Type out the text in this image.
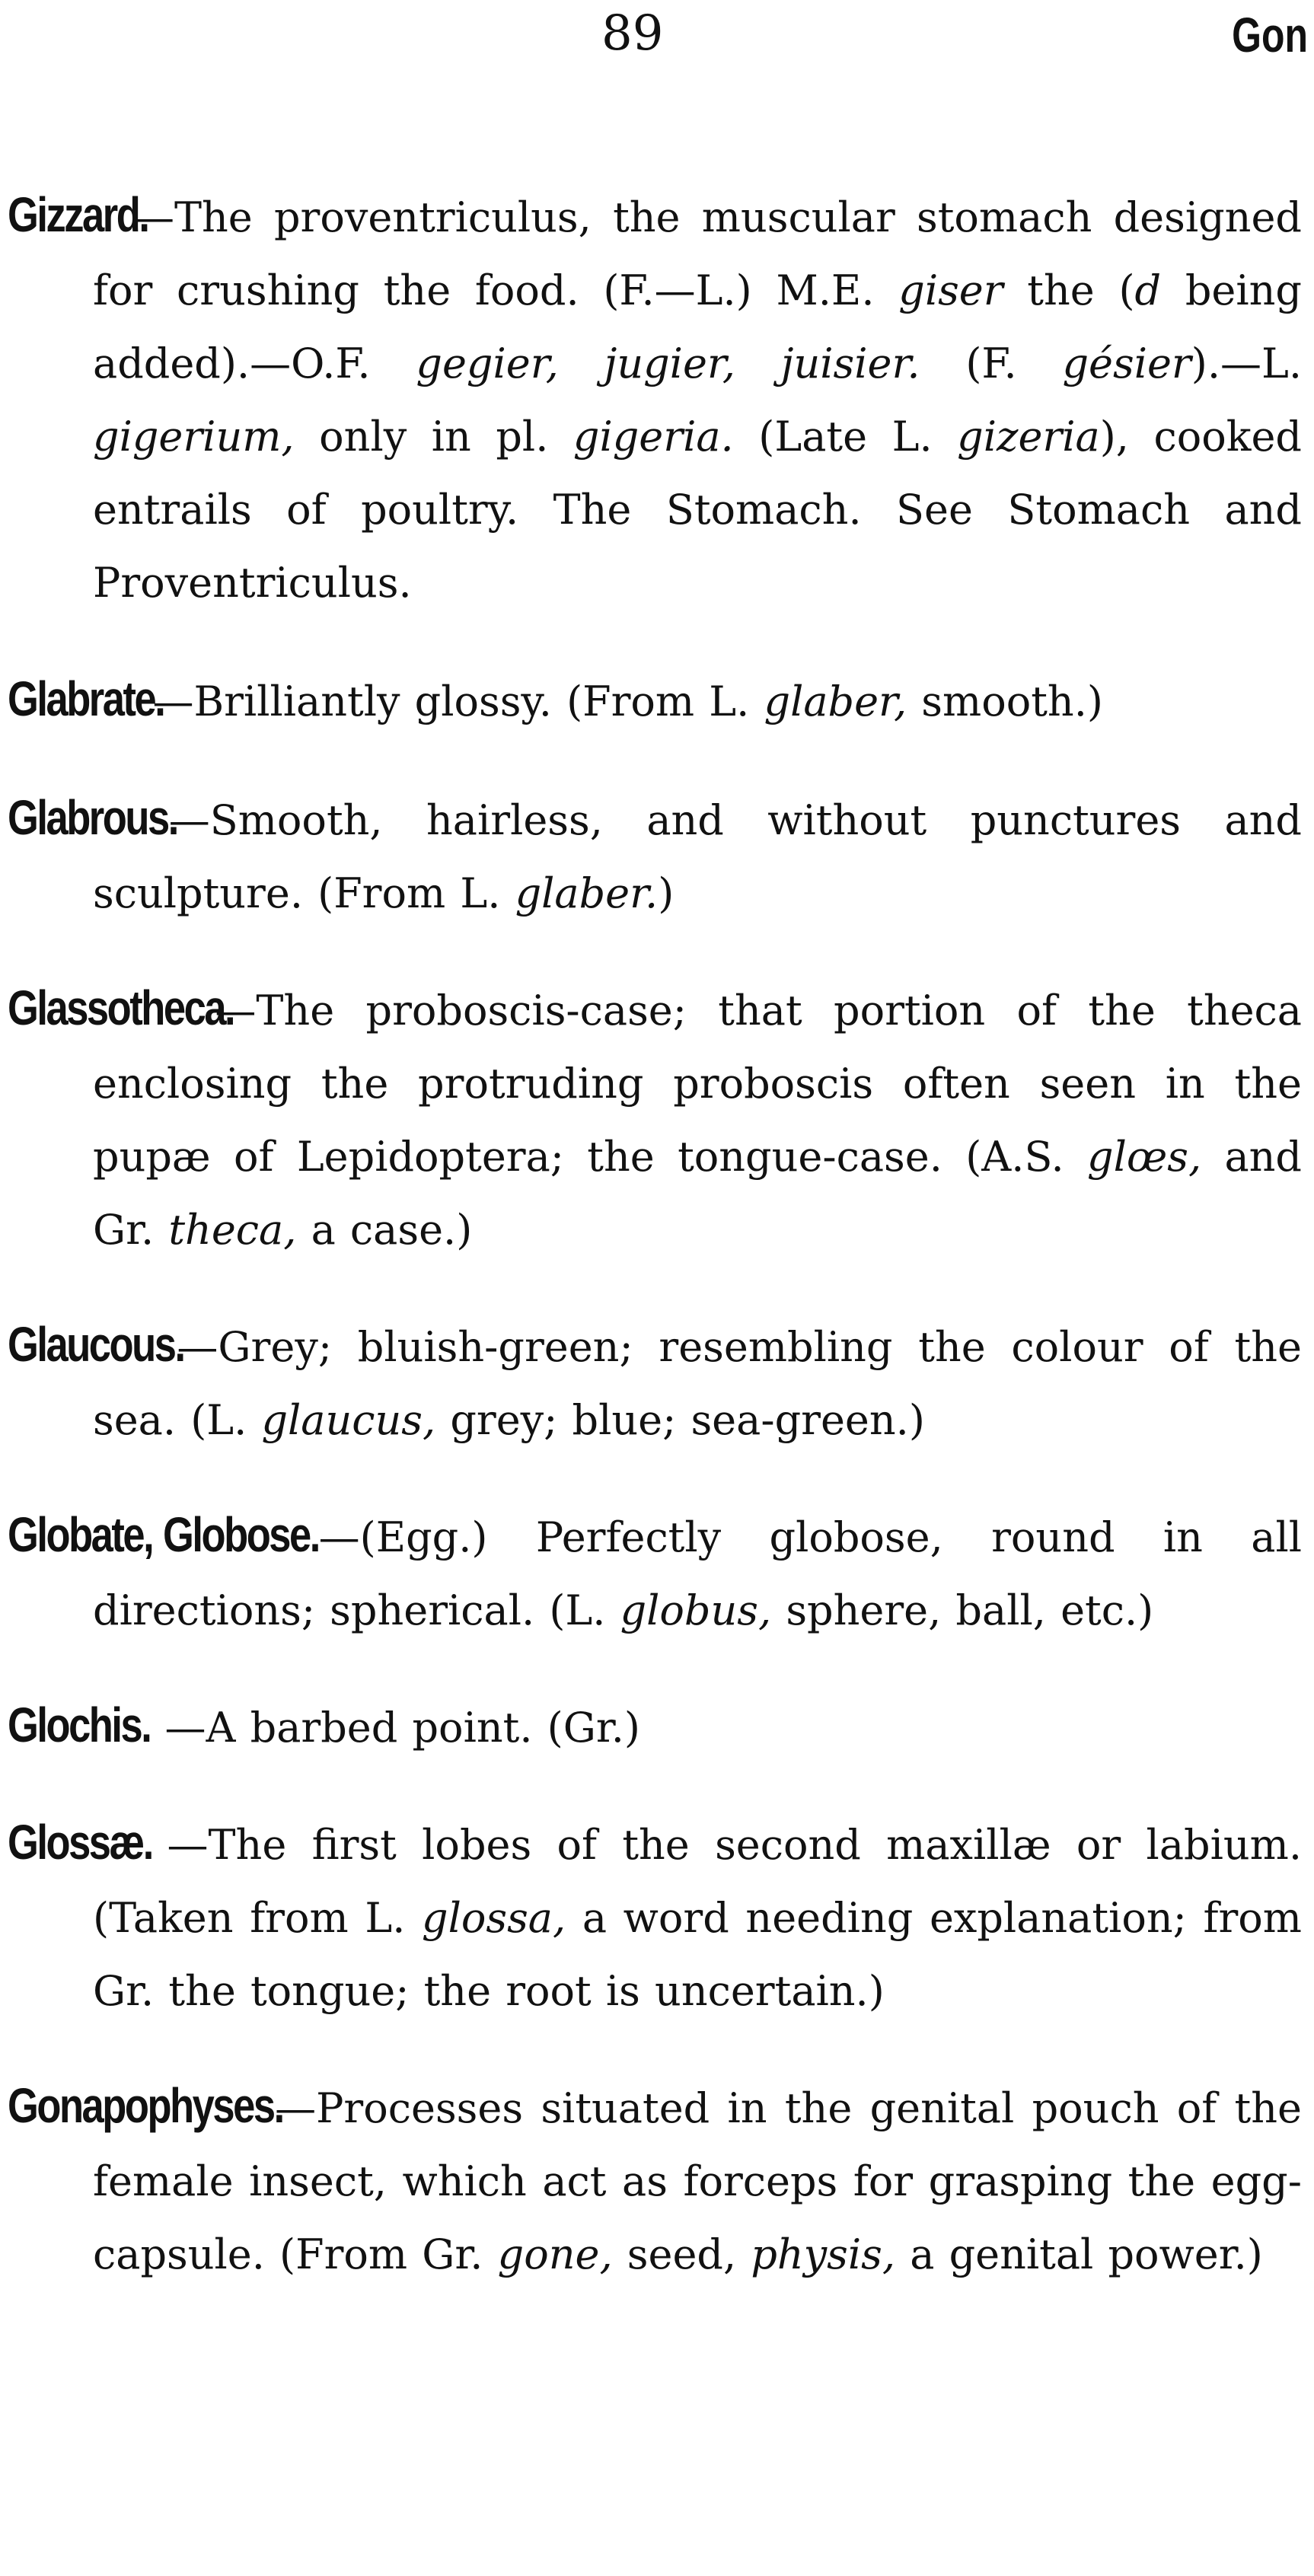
89	Gon

Gizzard.—The proventriculus, the muscular stomach designed for crushing the food. (F.—L.) M.E. giser the (d being added).—O.F. gegier, jugier, juisier. (F. gésier).—L. gigerium, only in pl. gigeria. (Late L. gizeria), cooked entrails of poultry. The Stomach. See Stomach and Proventriculus.

Glabrate.—Brilliantly glossy. (From L. glaber, smooth.)

Glabrous.—Smooth, hairless, and without punctures and sculpture. (From L. glaber.)

Glassotheca.—The proboscis-case; that portion of the theca enclosing the protruding proboscis often seen in the pupæ of Lepidoptera; the tongue-case. (A.S. glœs, and Gr. theca, a case.)

Glaucous.—Grey; bluish-green; resembling the colour of the sea. (L. glaucus, grey; blue; sea-green.)

Globate, Globose.—(Egg.) Perfectly globose, round in all directions; spherical. (L. globus, sphere, ball, etc.)

Glochis. —A barbed point. (Gr.)

Glossæ. —The first lobes of the second maxillæ or labium. (Taken from L. glossa, a word needing explanation; from Gr. the tongue; the root is uncertain.)

Gonapophyses.—Processes situated in the genital pouch of the female insect, which act as forceps for grasping the egg-capsule. (From Gr. gone, seed, physis, a genital power.)
